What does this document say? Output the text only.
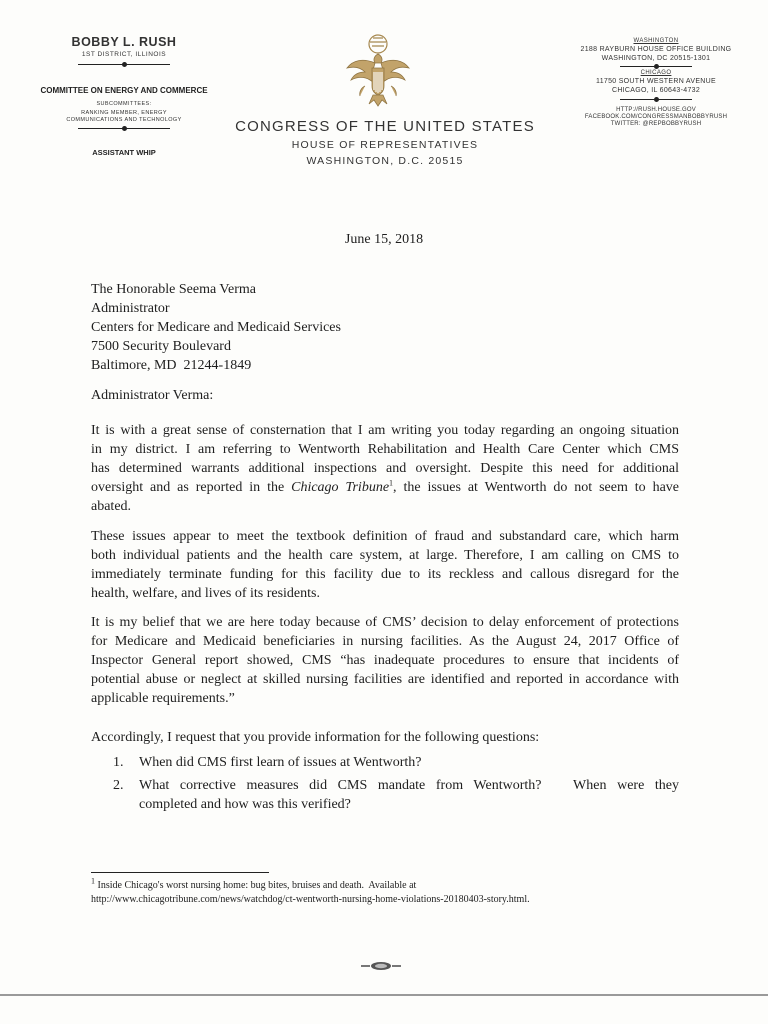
BOBBY L. RUSH
1ST DISTRICT, ILLINOIS
COMMITTEE ON ENERGY AND COMMERCE
SUBCOMMITTEES:
RANKING MEMBER, ENERGY
COMMUNICATIONS AND TECHNOLOGY
ASSISTANT WHIP
CONGRESS OF THE UNITED STATES
HOUSE OF REPRESENTATIVES
WASHINGTON, D.C. 20515
WASHINGTON
2188 RAYBURN HOUSE OFFICE BUILDING
WASHINGTON, DC 20515-1301
CHICAGO
11750 SOUTH WESTERN AVENUE
CHICAGO, IL 60643-4732
HTTP://RUSH.HOUSE.GOV
FACEBOOK.COM/CONGRESSMANBOBBYRUSH
TWITTER: @REPBOBBYRUSH
June 15, 2018
The Honorable Seema Verma
Administrator
Centers for Medicare and Medicaid Services
7500 Security Boulevard
Baltimore, MD  21244-1849
Administrator Verma:
It is with a great sense of consternation that I am writing you today regarding an ongoing situation
in my district. I am referring to Wentworth Rehabilitation and Health Care Center which CMS
has determined warrants additional inspections and oversight. Despite this need for additional
oversight and as reported in the Chicago Tribune$^1$, the issues at Wentworth do not seem to have
abated.
These issues appear to meet the textbook definition of fraud and substandard care, which harm
both individual patients and the health care system, at large. Therefore, I am calling on CMS to
immediately terminate funding for this facility due to its reckless and callous disregard for the
health, welfare, and lives of its residents.
It is my belief that we are here today because of CMS’ decision to delay enforcement of protections
for Medicare and Medicaid beneficiaries in nursing facilities. As the August 24, 2017 Office of
Inspector General report showed, CMS “has inadequate procedures to ensure that incidents of
potential abuse or neglect at skilled nursing facilities are identified and reported in accordance with
applicable requirements.”
Accordingly, I request that you provide information for the following questions:
1. When did CMS first learn of issues at Wentworth?
2. What corrective measures did CMS mandate from Wentworth?   When were they
completed and how was this verified?
$^1$ Inside Chicago's worst nursing home: bug bites, bruises and death.  Available at
http://www.chicagotribune.com/news/watchdog/ct-wentworth-nursing-home-violations-20180403-story.html.
